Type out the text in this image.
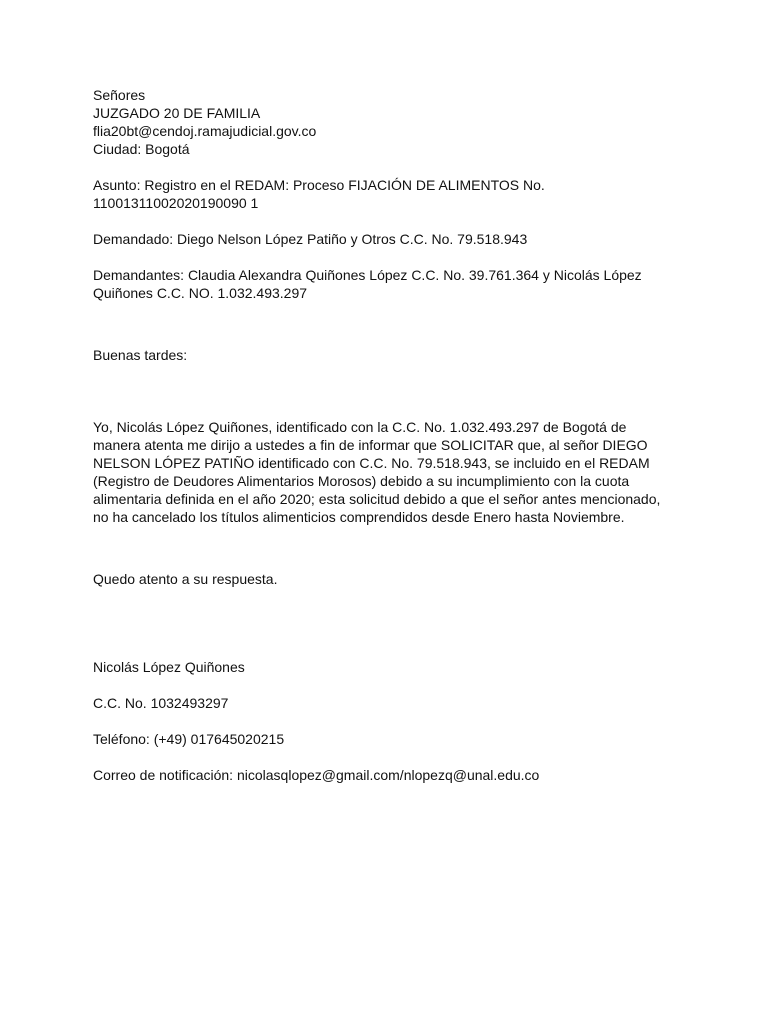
Señores
JUZGADO 20 DE FAMILIA
flia20bt@cendoj.ramajudicial.gov.co
Ciudad: Bogotá
Asunto: Registro en el REDAM: Proceso FIJACIÓN DE ALIMENTOS No.
11001311002020190090 1
Demandado: Diego Nelson López Patiño y Otros C.C. No. 79.518.943
Demandantes: Claudia Alexandra Quiñones López C.C. No. 39.761.364 y Nicolás López
Quiñones C.C. NO. 1.032.493.297
Buenas tardes:
Yo, Nicolás López Quiñones, identificado con la C.C. No. 1.032.493.297 de Bogotá de
manera atenta me dirijo a ustedes a fin de informar que SOLICITAR que, al señor DIEGO
NELSON LÓPEZ PATIÑO identificado con C.C. No. 79.518.943, se incluido en el REDAM
(Registro de Deudores Alimentarios Morosos) debido a su incumplimiento con la cuota
alimentaria definida en el año 2020; esta solicitud debido a que el señor antes mencionado,
no ha cancelado los títulos alimenticios comprendidos desde Enero hasta Noviembre.
Quedo atento a su respuesta.
Nicolás López Quiñones
C.C. No. 1032493297
Teléfono: (+49) 017645020215
Correo de notificación: nicolasqlopez@gmail.com/nlopezq@unal.edu.co
